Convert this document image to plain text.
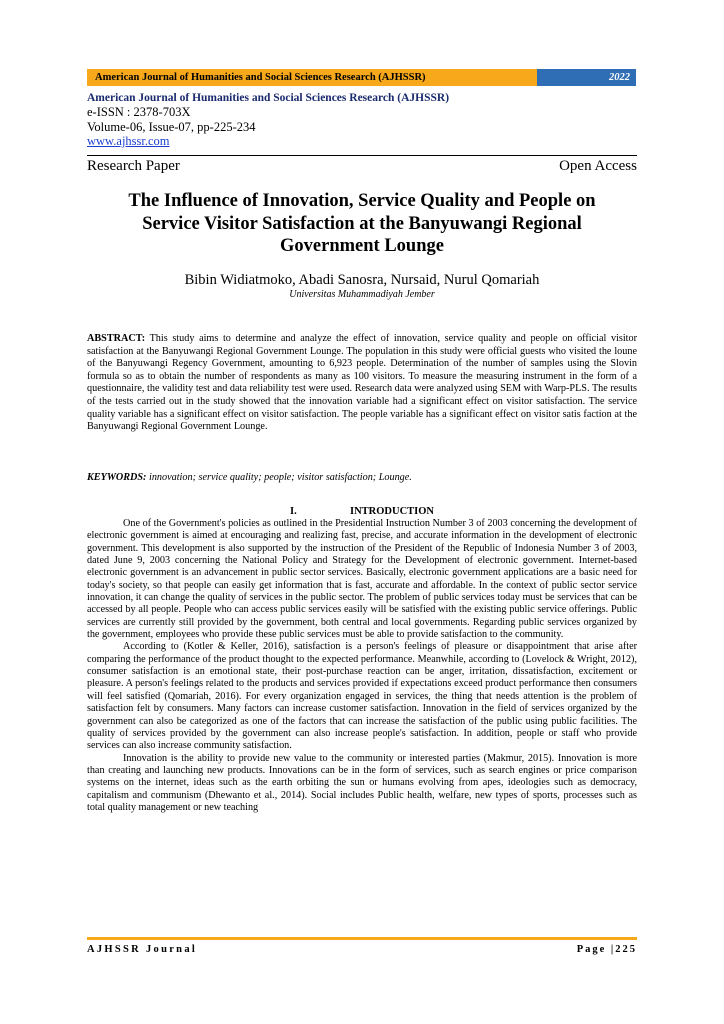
American Journal of Humanities and Social Sciences Research (AJHSSR)	2022
American Journal of Humanities and Social Sciences Research (AJHSSR)
e-ISSN : 2378-703X
Volume-06, Issue-07, pp-225-234
www.ajhssr.com
Research Paper	Open Access
The Influence of Innovation, Service Quality and People on Service Visitor Satisfaction at the Banyuwangi Regional Government Lounge
Bibin Widiatmoko, Abadi Sanosra, Nursaid, Nurul Qomariah
Universitas Muhammadiyah Jember
ABSTRACT: This study aims to determine and analyze the effect of innovation, service quality and people on official visitor satisfaction at the Banyuwangi Regional Government Lounge. The population in this study were official guests who visited the loune of the Banyuwangi Regency Government, amounting to 6,923 people. Determination of the number of samples using the Slovin formula so as to obtain the number of respondents as many as 100 visitors. To measure the measuring instrument in the form of a questionnaire, the validity test and data reliability test were used. Research data were analyzed using SEM with Warp-PLS. The results of the tests carried out in the study showed that the innovation variable had a significant effect on visitor satisfaction. The service quality variable has a significant effect on visitor satisfaction. The people variable has a significant effect on visitor satis faction at the Banyuwangi Regional Government Lounge.
KEYWORDS: innovation; service quality; people; visitor satisfaction; Lounge.
I.	INTRODUCTION

One of the Government's policies as outlined in the Presidential Instruction Number 3 of 2003 concerning the development of electronic government is aimed at encouraging and realizing fast, precise, and accurate information in the development of electronic government. This development is also supported by the instruction of the President of the Republic of Indonesia Number 3 of 2003, dated June 9, 2003 concerning the National Policy and Strategy for the Development of electronic government. Internet-based electronic government is an advancement in public sector services. Basically, electronic government applications are a basic need for today's society, so that people can easily get information that is fast, accurate and affordable. In the context of public sector service innovation, it can change the quality of services in the public sector. The problem of public services today must be services that can be accessed by all people. People who can access public services easily will be satisfied with the existing public service offerings. Public services are currently still provided by the government, both central and local governments. Regarding public services organized by the government, employees who provide these public services must be able to provide satisfaction to the community.

According to (Kotler & Keller, 2016), satisfaction is a person's feelings of pleasure or disappointment that arise after comparing the performance of the product thought to the expected performance. Meanwhile, according to (Lovelock & Wright, 2012), consumer satisfaction is an emotional state, their post-purchase reaction can be anger, irritation, dissatisfaction, excitement or pleasure. A person's feelings related to the products and services provided if expectations exceed product performance then consumers will feel satisfied (Qomariah, 2016). For every organization engaged in services, the thing that needs attention is the problem of satisfaction felt by consumers. Many factors can increase customer satisfaction. Innovation in the field of services organized by the government can also be categorized as one of the factors that can increase the satisfaction of the public using public facilities. The quality of services provided by the government can also increase people's satisfaction. In addition, people or staff who provide services can also increase community satisfaction.

Innovation is the ability to provide new value to the community or interested parties (Makmur, 2015). Innovation is more than creating and launching new products. Innovations can be in the form of services, such as search engines or price comparison systems on the internet, ideas such as the earth orbiting the sun or humans evolving from apes, ideologies such as democracy, capitalism and communism (Dhewanto et al., 2014). Social includes Public health, welfare, new types of sports, processes such as total quality management or new teaching

AJHSSR Journal	Page |225
